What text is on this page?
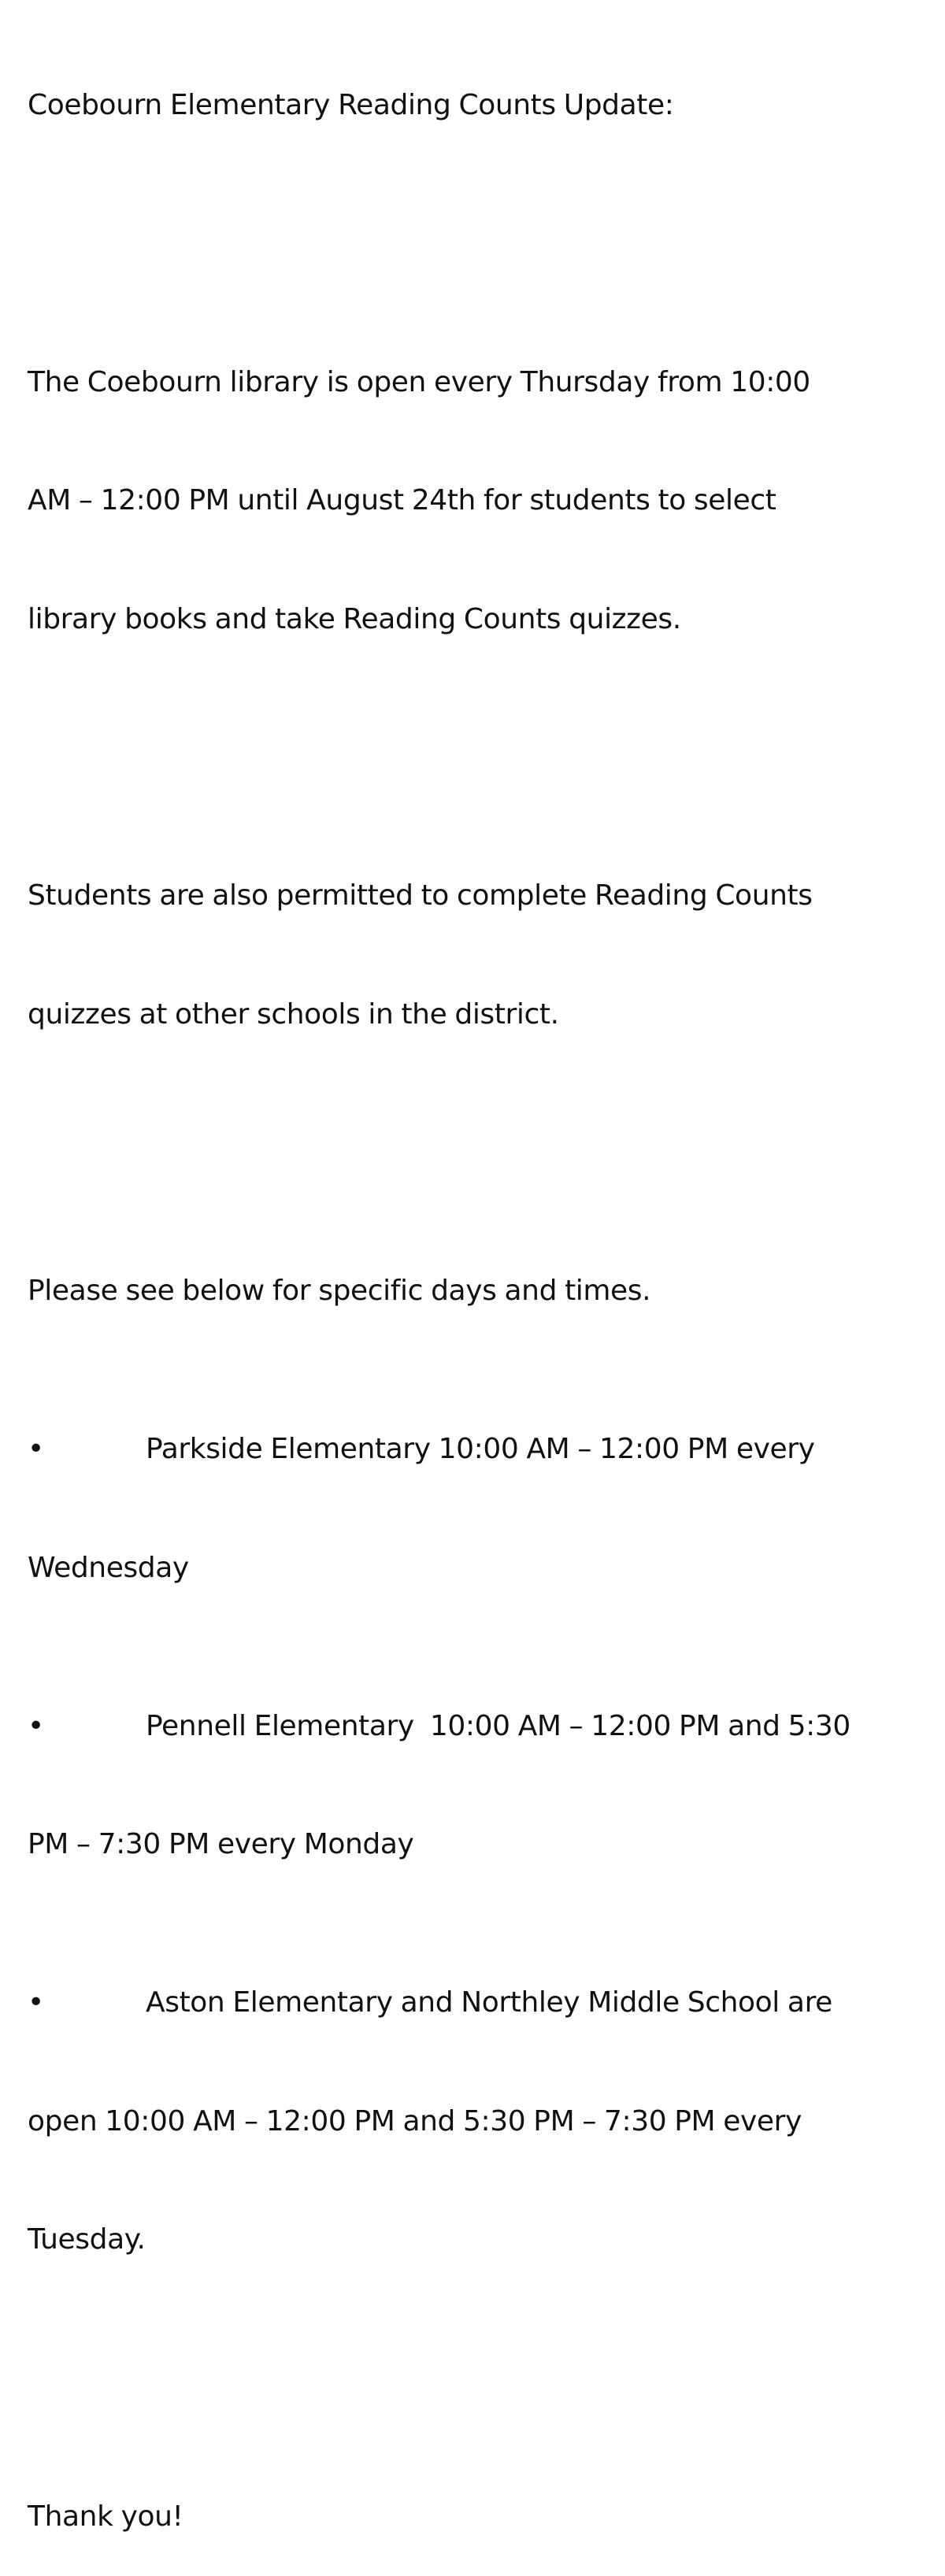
Coebourn Elementary Reading Counts Update:

The Coebourn library is open every Thursday from 10:00

AM – 12:00 PM until August 24th for students to select

library books and take Reading Counts quizzes.

Students are also permitted to complete Reading Counts

quizzes at other schools in the district.

Please see below for specific days and times.

•	Parkside Elementary 10:00 AM – 12:00 PM every

Wednesday

•	Pennell Elementary  10:00 AM – 12:00 PM and 5:30

PM – 7:30 PM every Monday

•	Aston Elementary and Northley Middle School are

open 10:00 AM – 12:00 PM and 5:30 PM – 7:30 PM every

Tuesday.

Thank you!
